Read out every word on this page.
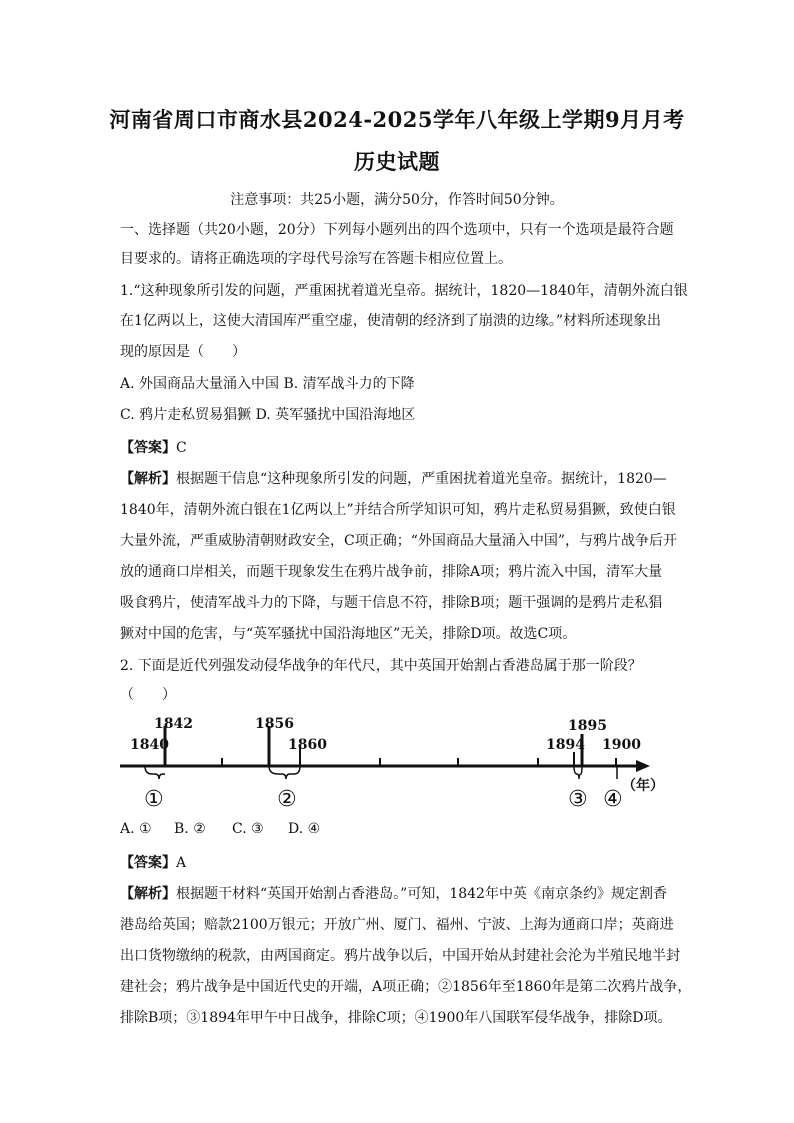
河南省周口市商水县2024-2025学年八年级上学期9月月考
历史试题
注意事项：共25小题，满分50分，作答时间50分钟。
一、选择题（共20小题，20分）下列每小题列出的四个选项中，只有一个选项是最符合题
目要求的。请将正确选项的字母代号涂写在答题卡相应位置上。
1.“这种现象所引发的问题，严重困扰着道光皇帝。据统计，1820—1840年，清朝外流白银
在1亿两以上，这使大清国库严重空虚，使清朝的经济到了崩溃的边缘。”材料所述现象出
现的原因是（　　）
A. 外国商品大量涌入中国 B. 清军战斗力的下降
C. 鸦片走私贸易猖獗 D. 英军骚扰中国沿海地区
【答案】C
【解析】根据题干信息“这种现象所引发的问题，严重困扰着道光皇帝。据统计，1820—
1840年，清朝外流白银在1亿两以上”并结合所学知识可知，鸦片走私贸易猖獗，致使白银
大量外流，严重威胁清朝财政安全，C项正确；“外国商品大量涌入中国”，与鸦片战争后开
放的通商口岸相关，而题干现象发生在鸦片战争前，排除A项；鸦片流入中国，清军大量
吸食鸦片，使清军战斗力的下降，与题干信息不符，排除B项；题干强调的是鸦片走私猖
獗对中国的危害，与“英军骚扰中国沿海地区”无关，排除D项。故选C项。
2. 下面是近代列强发动侵华战争的年代尺，其中英国开始割占香港岛属于那一阶段？
（　　）
1842
1840
1856
1860
1895
1894 1900
①	②	③ ④
（年）
A. ① B. ② C. ③ D. ④
【答案】A
【解析】根据题干材料“英国开始割占香港岛。”可知，1842年中英《南京条约》规定割香
港岛给英国；赔款2100万银元；开放广州、厦门、福州、宁波、上海为通商口岸；英商进
出口货物缴纳的税款，由两国商定。鸦片战争以后，中国开始从封建社会沦为半殖民地半封
建社会；鸦片战争是中国近代史的开端，A项正确；②1856年至1860年是第二次鸦片战争，
排除B项；③1894年甲午中日战争，排除C项；④1900年八国联军侵华战争，排除D项。
